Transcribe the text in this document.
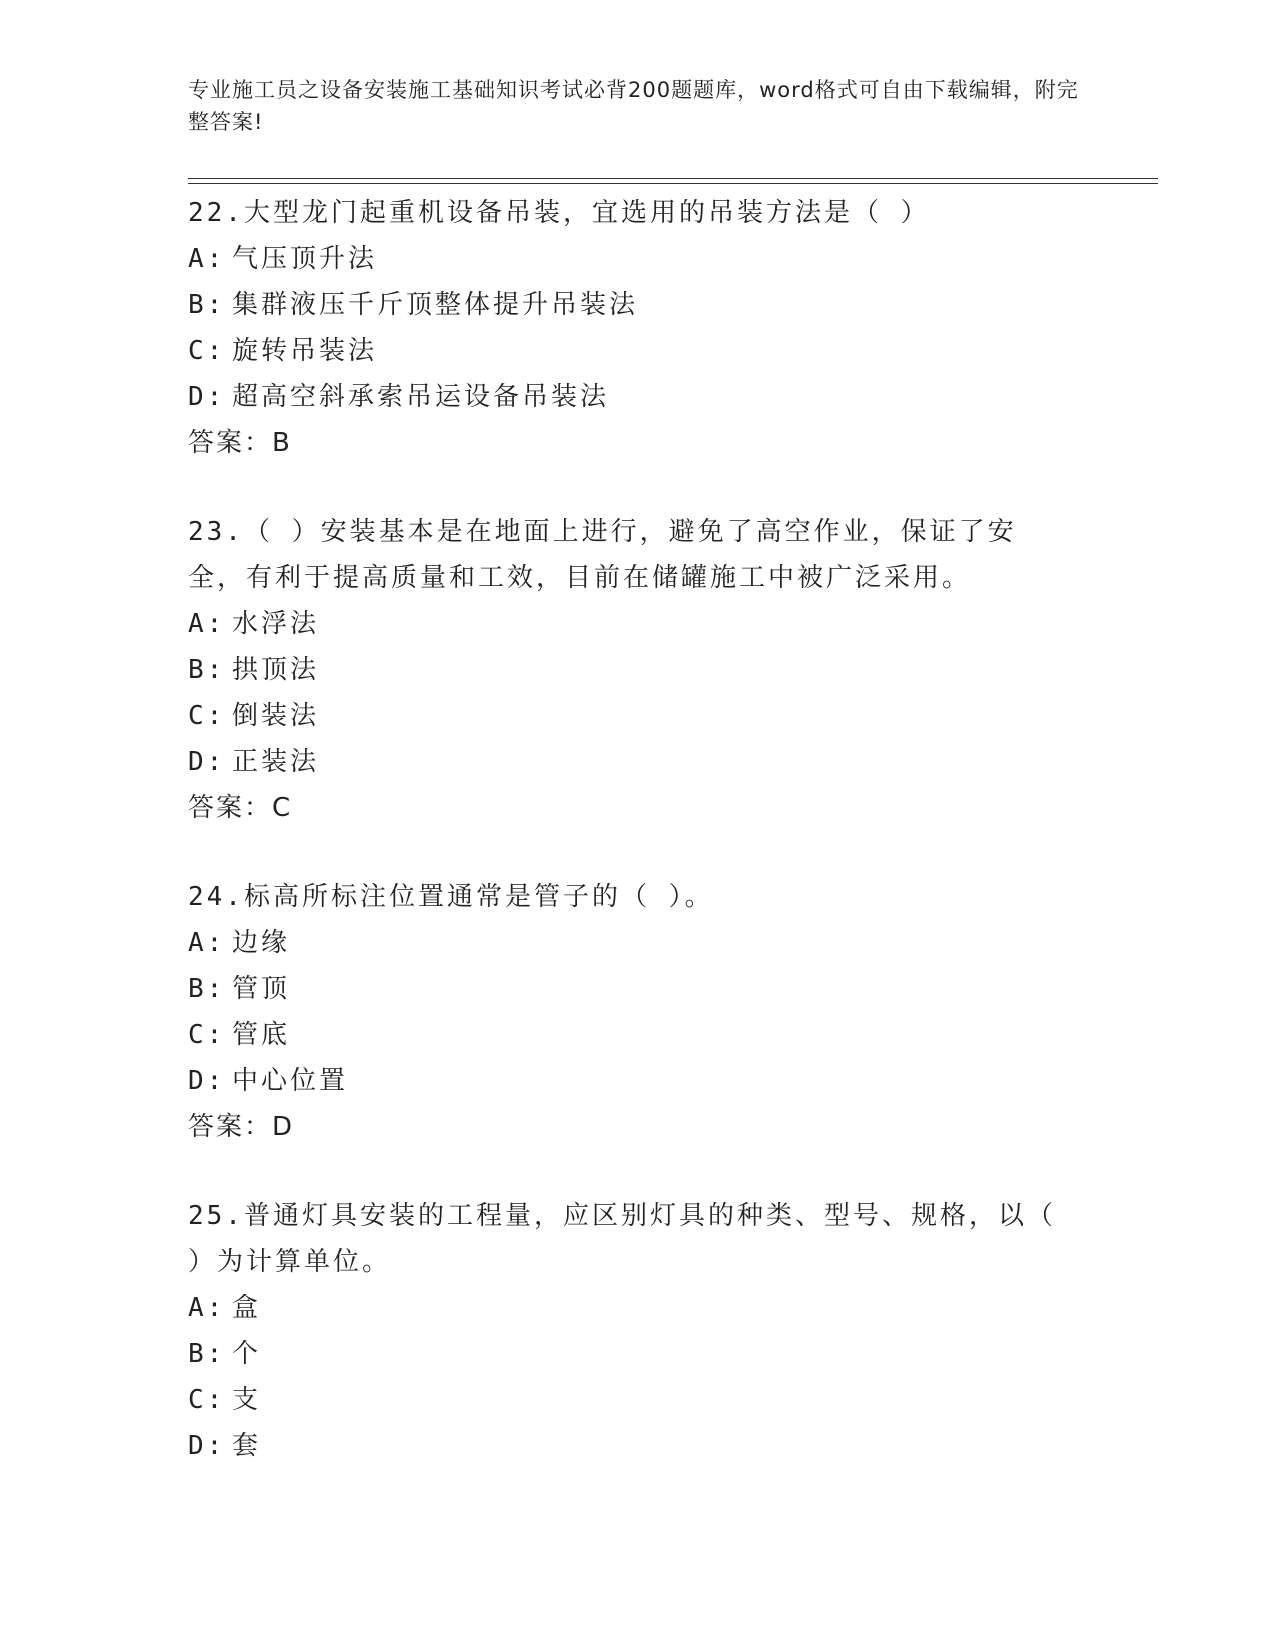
专业施工员之设备安装施工基础知识考试必背200题题库，word格式可自由下载编辑，附完整答案!

22.大型龙门起重机设备吊装，宜选用的吊装方法是（ ）

A: 气压顶升法

B: 集群液压千斤顶整体提升吊装法

C: 旋转吊装法

D: 超高空斜承索吊运设备吊装法

答案：B

23.（ ）安装基本是在地面上进行，避免了高空作业，保证了安全，有利于提高质量和工效，目前在储罐施工中被广泛采用。

A: 水浮法

B: 拱顶法

C: 倒装法

D: 正装法

答案：C

24.标高所标注位置通常是管子的（ ）。

A: 边缘

B: 管顶

C: 管底

D: 中心位置

答案：D

25.普通灯具安装的工程量，应区别灯具的种类、型号、规格，以（ ）为计算单位。

A: 盒

B: 个

C: 支

D: 套
